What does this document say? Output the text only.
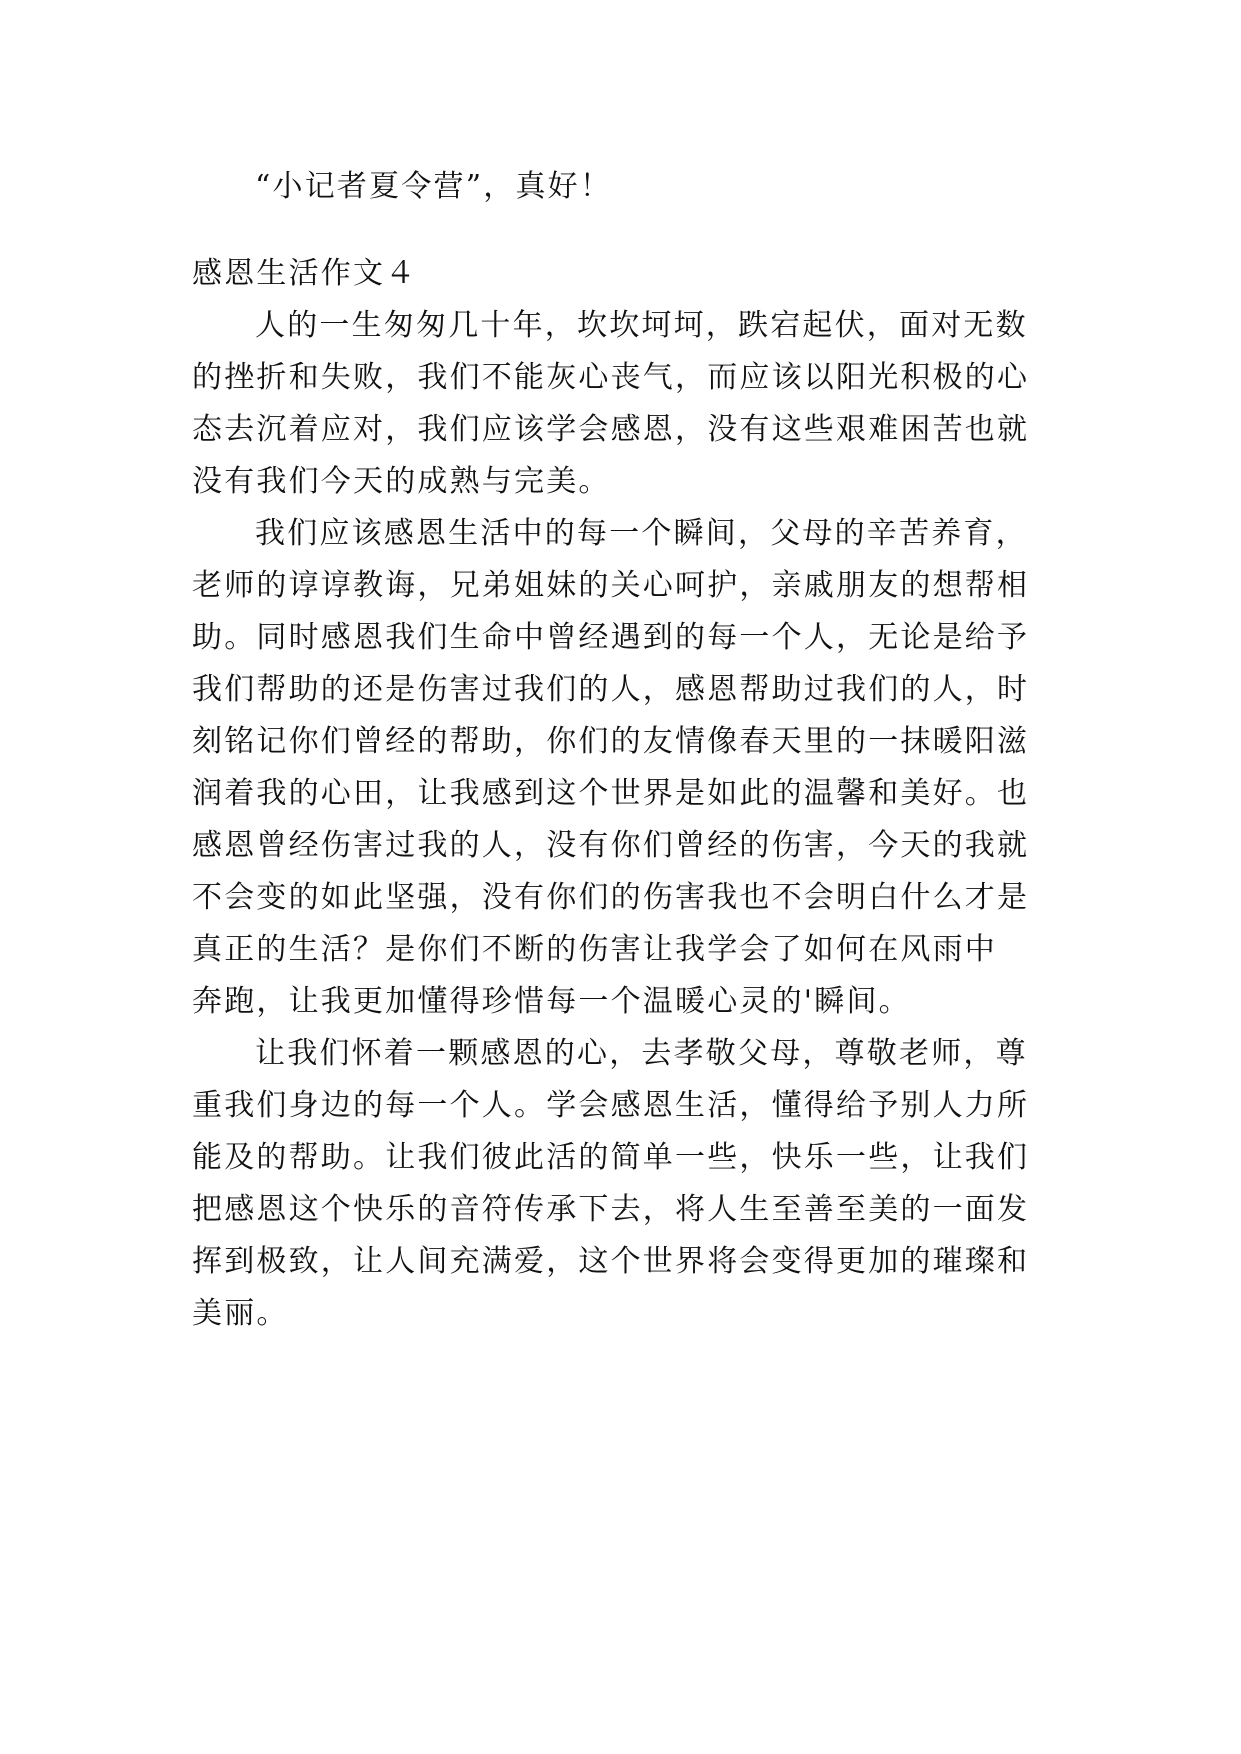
“小记者夏令营”，真好！

感恩生活作文４

人的一生匆匆几十年，坎坎坷坷，跌宕起伏，面对无数

的挫折和失败，我们不能灰心丧气，而应该以阳光积极的心

态去沉着应对，我们应该学会感恩，没有这些艰难困苦也就

没有我们今天的成熟与完美。

我们应该感恩生活中的每一个瞬间，父母的辛苦养育，

老师的谆谆教诲，兄弟姐妹的关心呵护，亲戚朋友的想帮相

助。同时感恩我们生命中曾经遇到的每一个人，无论是给予

我们帮助的还是伤害过我们的人，感恩帮助过我们的人，时

刻铭记你们曾经的帮助，你们的友情像春天里的一抹暖阳滋

润着我的心田，让我感到这个世界是如此的温馨和美好。也

感恩曾经伤害过我的人，没有你们曾经的伤害，今天的我就

不会变的如此坚强，没有你们的伤害我也不会明白什么才是

真正的生活？是你们不断的伤害让我学会了如何在风雨中

奔跑，让我更加懂得珍惜每一个温暖心灵的'瞬间。

让我们怀着一颗感恩的心，去孝敬父母，尊敬老师，尊

重我们身边的每一个人。学会感恩生活，懂得给予别人力所

能及的帮助。让我们彼此活的简单一些，快乐一些，让我们

把感恩这个快乐的音符传承下去，将人生至善至美的一面发

挥到极致，让人间充满爱，这个世界将会变得更加的璀璨和

美丽。
